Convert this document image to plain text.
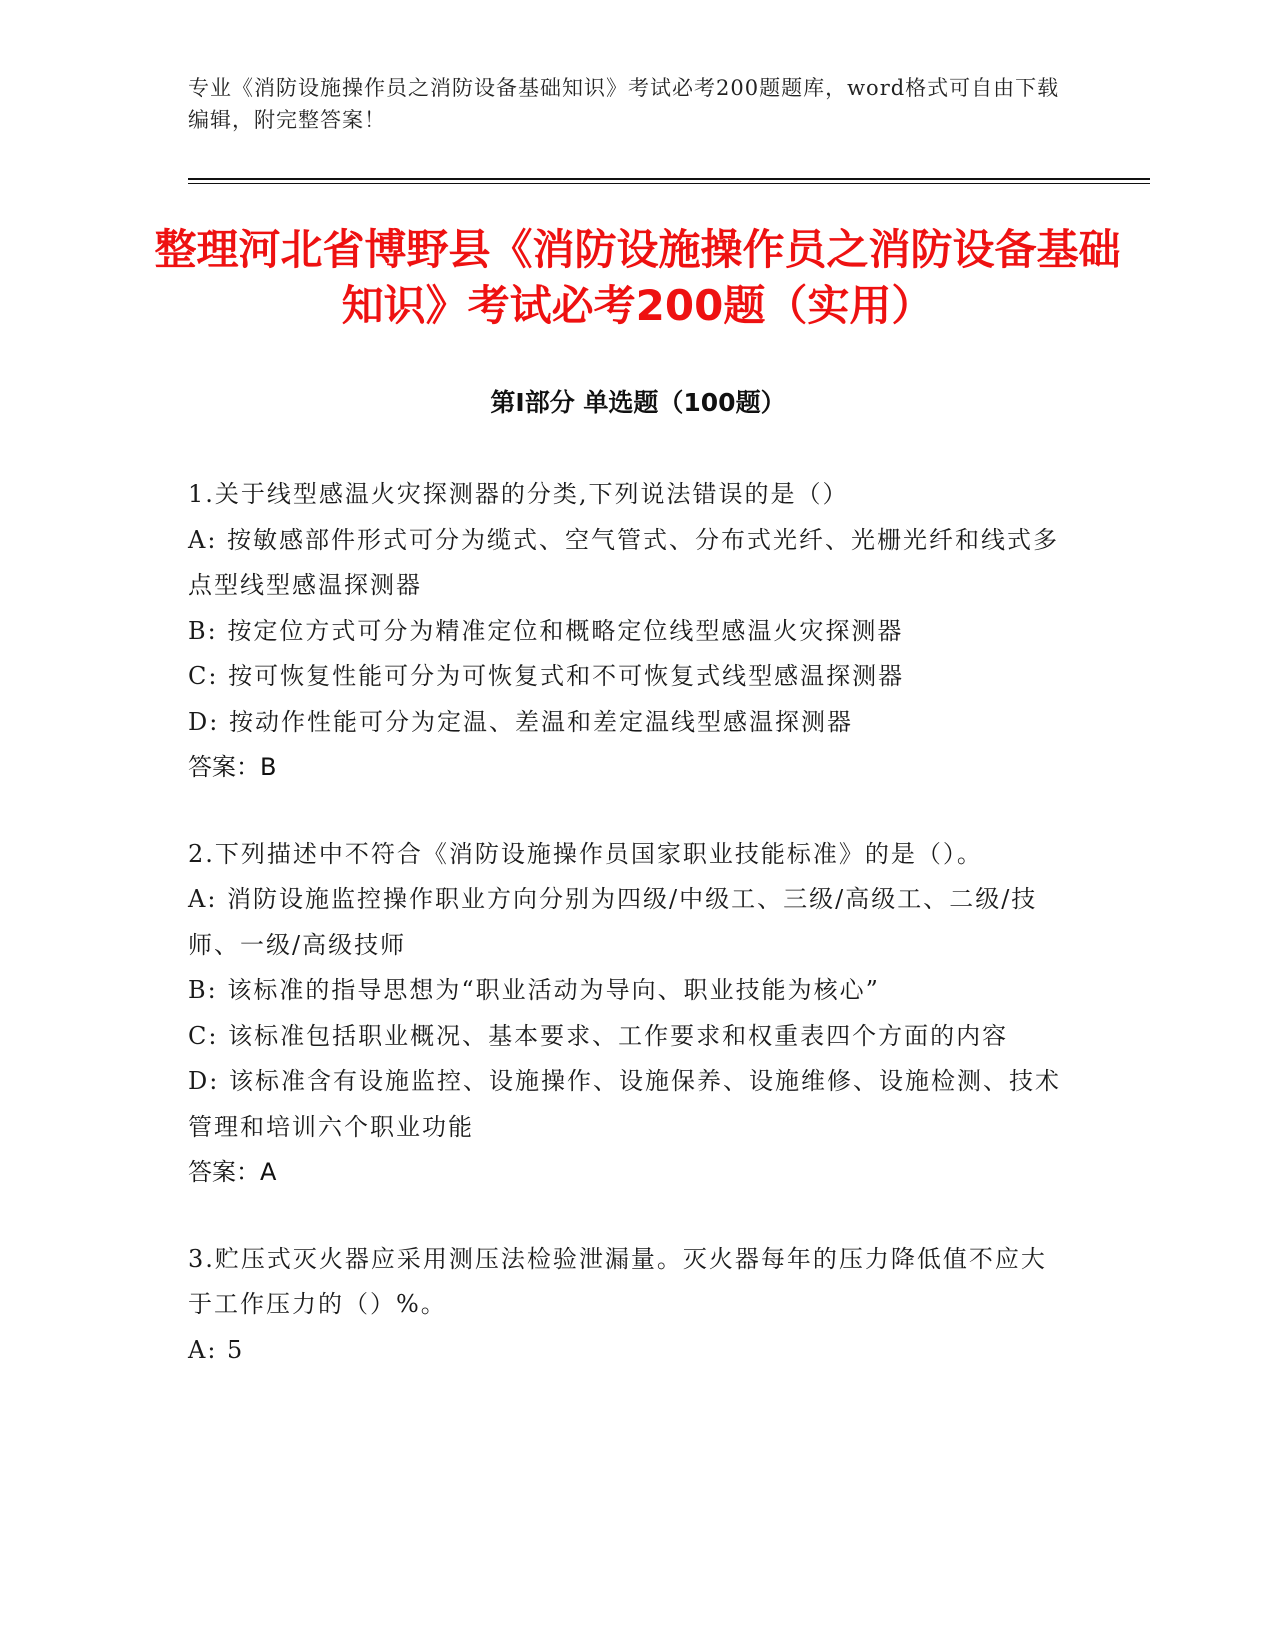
专业《消防设施操作员之消防设备基础知识》考试必考200题题库，word格式可自由下载编辑，附完整答案！
整理河北省博野县《消防设施操作员之消防设备基础知识》考试必考200题（实用）
第I部分 单选题（100题）

1.关于线型感温火灾探测器的分类,下列说法错误的是（）

A: 按敏感部件形式可分为缆式、空气管式、分布式光纤、光栅光纤和线式多点型线型感温探测器

B: 按定位方式可分为精准定位和概略定位线型感温火灾探测器

C: 按可恢复性能可分为可恢复式和不可恢复式线型感温探测器

D: 按动作性能可分为定温、差温和差定温线型感温探测器

答案：B

2.下列描述中不符合《消防设施操作员国家职业技能标准》的是（）。

A: 消防设施监控操作职业方向分别为四级/中级工、三级/高级工、二级/技师、一级/高级技师

B: 该标准的指导思想为“职业活动为导向、职业技能为核心”

C: 该标准包括职业概况、基本要求、工作要求和权重表四个方面的内容

D: 该标准含有设施监控、设施操作、设施保养、设施维修、设施检测、技术管理和培训六个职业功能

答案：A

3.贮压式灭火器应采用测压法检验泄漏量。灭火器每年的压力降低值不应大于工作压力的（）%。

A: 5
